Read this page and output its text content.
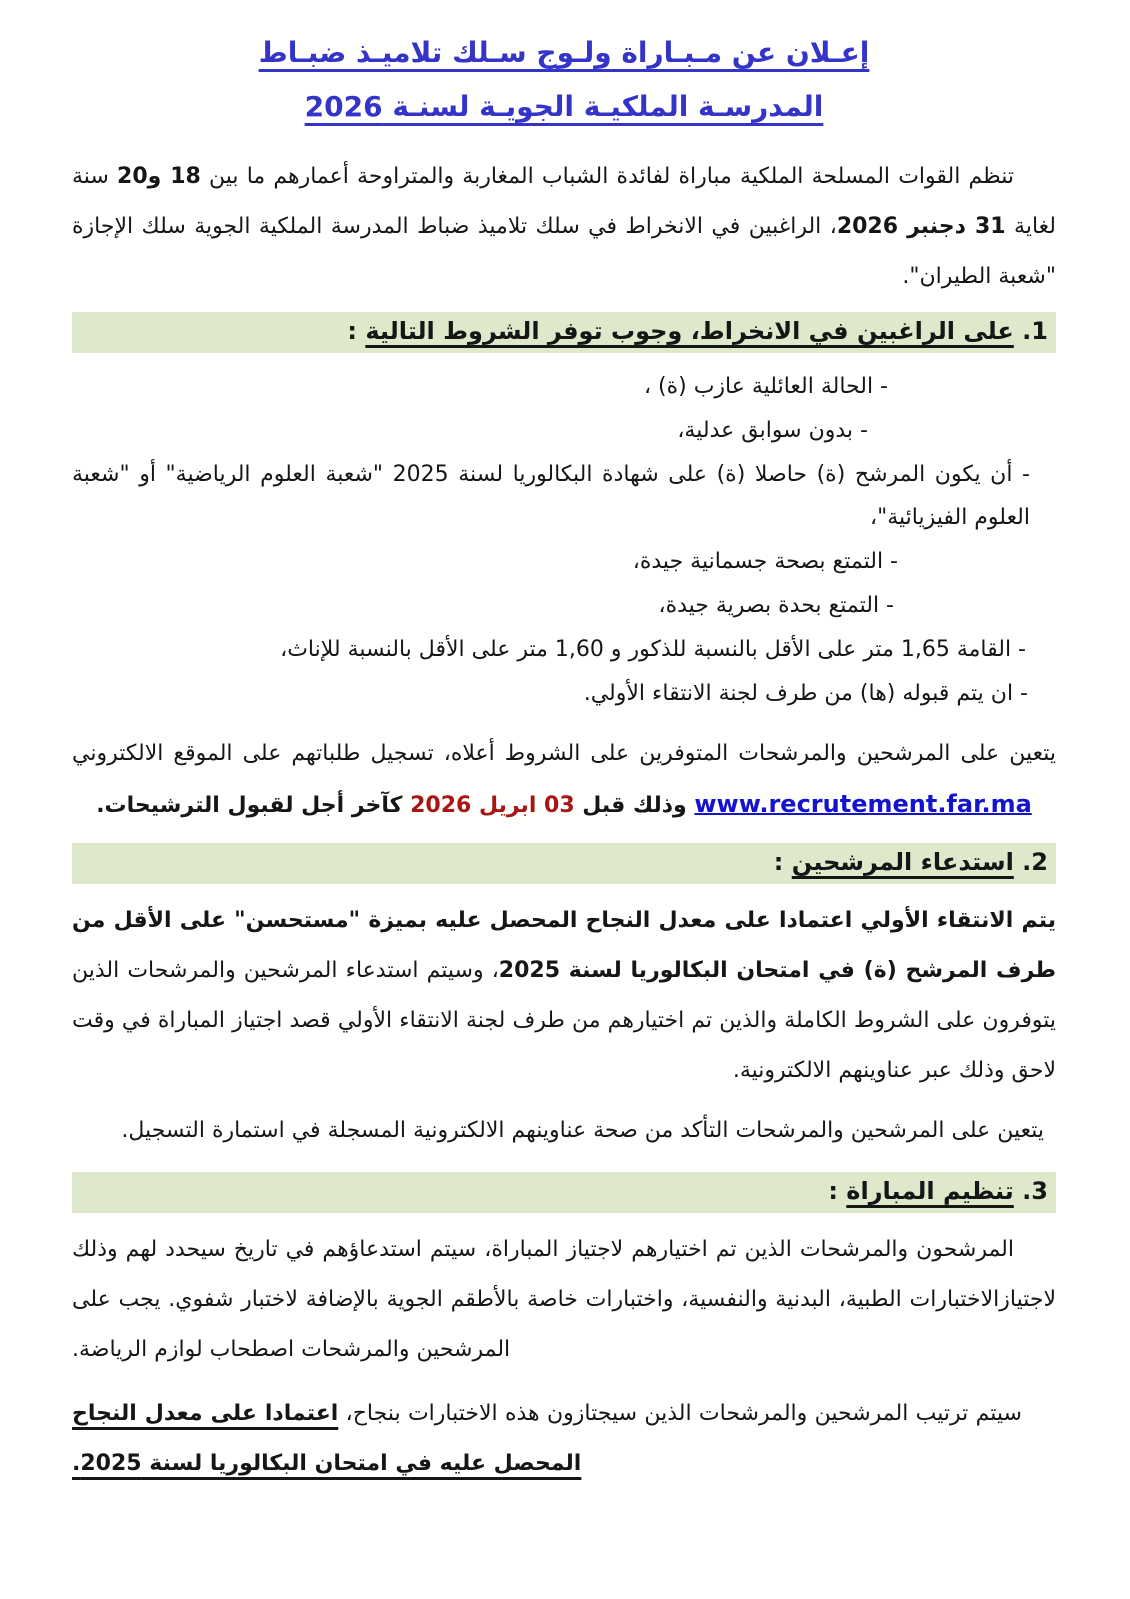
إعـلان عن مـبـاراة ولـوج سـلك تلاميـذ ضبـاط
المدرسـة الملكيـة الجويـة لسنـة 2026

تنظم القوات المسلحة الملكية مباراة لفائدة الشباب المغاربة والمتراوحة أعمارهم ما بين 18 و20 سنة لغاية 31 دجنبر 2026، الراغبين في الانخراط في سلك تلاميذ ضباط المدرسة الملكية الجوية سلك الإجازة "شعبة الطيران".

1. على الراغبين في الانخراط، وجوب توفر الشروط التالية :
- الحالة العائلية عازب (ة) ،
- بدون سوابق عدلية،
- أن يكون المرشح (ة) حاصلا (ة) على شهادة البكالوريا لسنة 2025 "شعبة العلوم الرياضية" أو "شعبة العلوم الفيزيائية"،
- التمتع بصحة جسمانية جيدة،
- التمتع بحدة بصرية جيدة،
- القامة 1,65 متر على الأقل بالنسبة للذكور و 1,60 متر على الأقل بالنسبة للإناث،
- ان يتم قبوله (ها) من طرف لجنة الانتقاء الأولي.

يتعين على المرشحين والمرشحات المتوفرين على الشروط أعلاه، تسجيل طلباتهم على الموقع الالكتروني www.recrutement.far.ma وذلك قبل 03 ابريل 2026 كآخر أجل لقبول الترشيحات.

2. استدعاء المرشحين :

يتم الانتقاء الأولي اعتمادا على معدل النجاح المحصل عليه بميزة "مستحسن" على الأقل من طرف المرشح (ة) في امتحان البكالوريا لسنة 2025، وسيتم استدعاء المرشحين والمرشحات الذين يتوفرون على الشروط الكاملة والذين تم اختيارهم من طرف لجنة الانتقاء الأولي قصد اجتياز المباراة في وقت لاحق وذلك عبر عناوينهم الالكترونية.

يتعين على المرشحين والمرشحات التأكد من صحة عناوينهم الالكترونية المسجلة في استمارة التسجيل.

3. تنظيم المباراة :

المرشحون والمرشحات الذين تم اختيارهم لاجتياز المباراة، سيتم استدعاؤهم في تاريخ سيحدد لهم وذلك لاجتيازالاختبارات الطبية، البدنية والنفسية، واختبارات خاصة بالأطقم الجوية بالإضافة لاختبار شفوي. يجب على المرشحين والمرشحات اصطحاب لوازم الرياضة.

سيتم ترتيب المرشحين والمرشحات الذين سيجتازون هذه الاختبارات بنجاح، اعتمادا على معدل النجاح المحصل عليه في امتحان البكالوريا لسنة 2025.
